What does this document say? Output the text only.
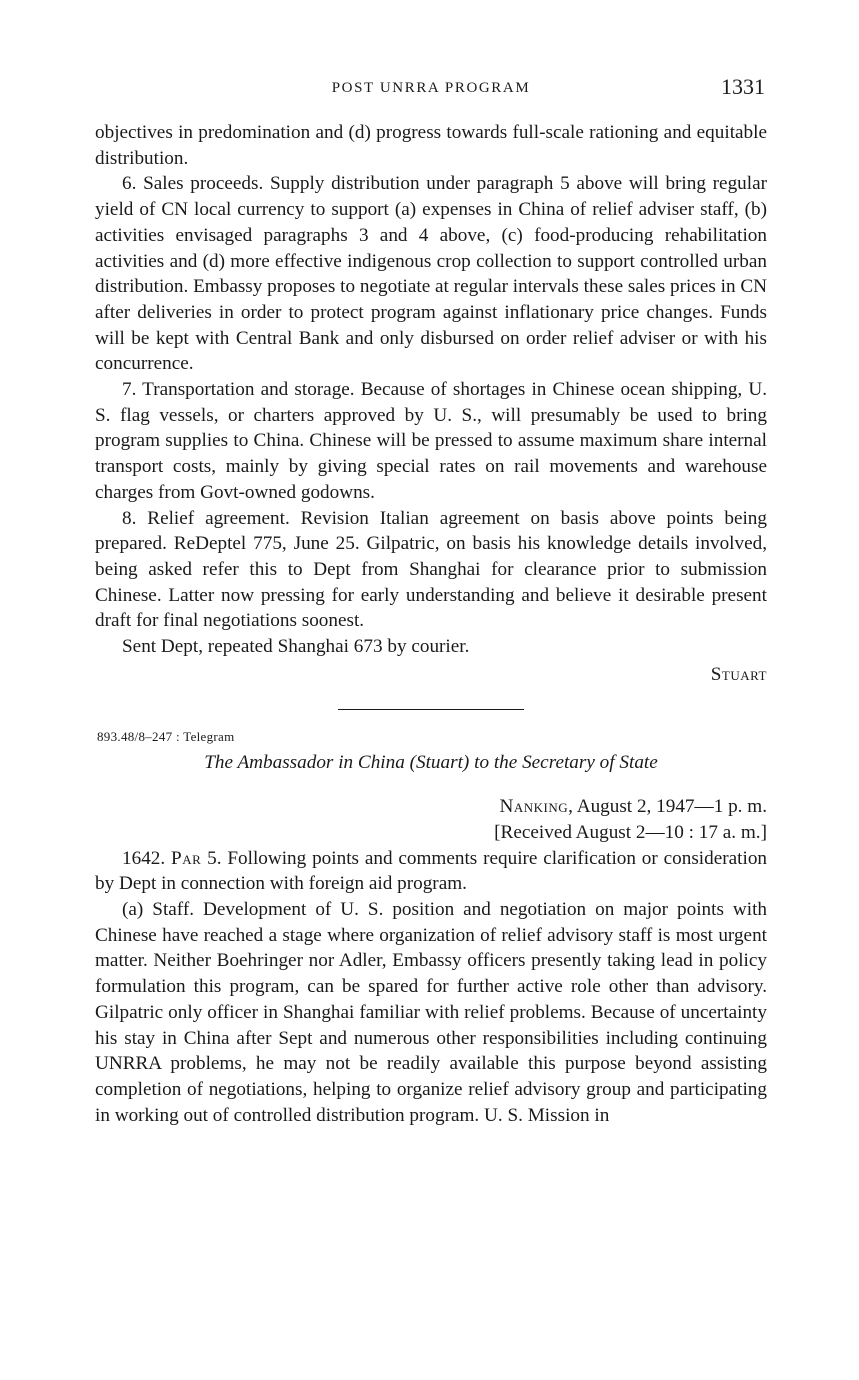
POST UNRRA PROGRAM	1331

objectives in predomination and (d) progress towards full-scale rationing and equitable distribution.

6. Sales proceeds. Supply distribution under paragraph 5 above will bring regular yield of CN local currency to support (a) expenses in China of relief adviser staff, (b) activities envisaged paragraphs 3 and 4 above, (c) food-producing rehabilitation activities and (d) more effective indigenous crop collection to support controlled urban distribution. Embassy proposes to negotiate at regular intervals these sales prices in CN after deliveries in order to protect program against inflationary price changes. Funds will be kept with Central Bank and only disbursed on order relief adviser or with his concurrence.

7. Transportation and storage. Because of shortages in Chinese ocean shipping, U. S. flag vessels, or charters approved by U. S., will presumably be used to bring program supplies to China. Chinese will be pressed to assume maximum share internal transport costs, mainly by giving special rates on rail movements and warehouse charges from Govt-owned godowns.

8. Relief agreement. Revision Italian agreement on basis above points being prepared. ReDeptel 775, June 25. Gilpatric, on basis his knowledge details involved, being asked refer this to Dept from Shanghai for clearance prior to submission Chinese. Latter now pressing for early understanding and believe it desirable present draft for final negotiations soonest.

Sent Dept, repeated Shanghai 673 by courier.

Stuart

893.48/8–247 : Telegram

The Ambassador in China (Stuart) to the Secretary of State

Nanking, August 2, 1947—1 p. m.

[Received August 2—10 : 17 a. m.]

1642. Par 5. Following points and comments require clarification or consideration by Dept in connection with foreign aid program.

(a) Staff. Development of U. S. position and negotiation on major points with Chinese have reached a stage where organization of relief advisory staff is most urgent matter. Neither Boehringer nor Adler, Embassy officers presently taking lead in policy formulation this program, can be spared for further active role other than advisory. Gilpatric only officer in Shanghai familiar with relief problems. Because of uncertainty his stay in China after Sept and numerous other responsibilities including continuing UNRRA problems, he may not be readily available this purpose beyond assisting completion of negotiations, helping to organize relief advisory group and participating in working out of controlled distribution program. U. S. Mission in
